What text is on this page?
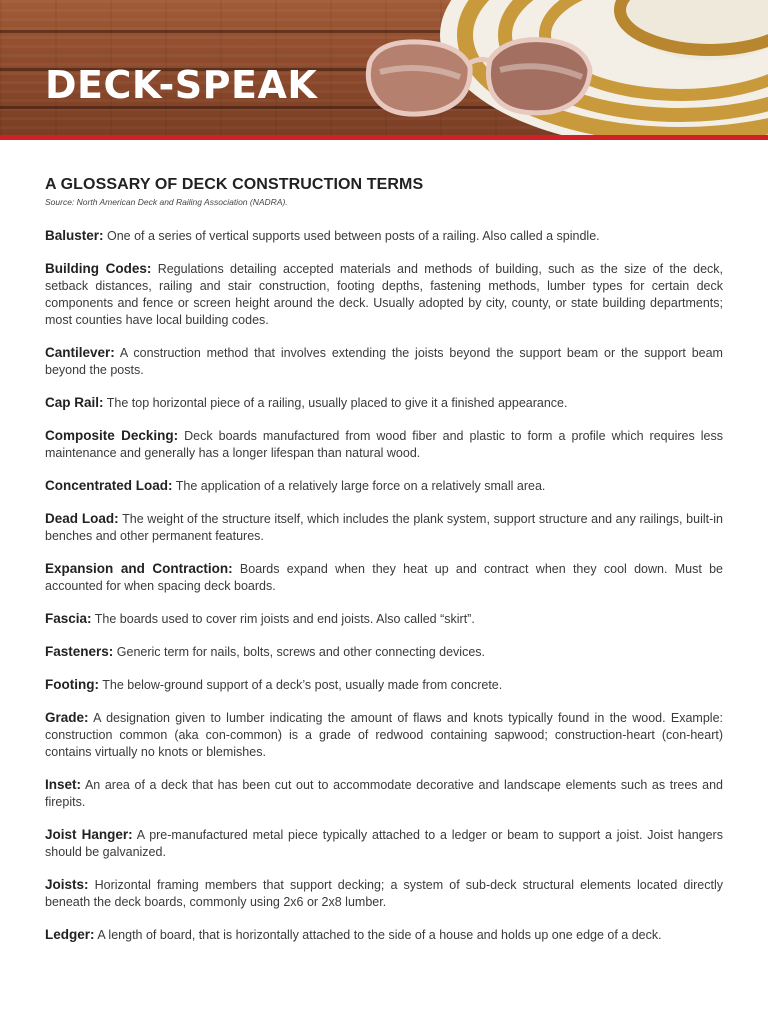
DECK-SPEAK
A GLOSSARY OF DECK CONSTRUCTION TERMS

Source: North American Deck and Railing Association (NADRA).

Baluster: One of a series of vertical supports used between posts of a railing. Also called a spindle.

Building Codes: Regulations detailing accepted materials and methods of building, such as the size of the deck, setback distances, railing and stair construction, footing depths, fastening methods, lumber types for certain deck components and fence or screen height around the deck. Usually adopted by city, county, or state building departments; most counties have local building codes.

Cantilever: A construction method that involves extending the joists beyond the support beam or the support beam beyond the posts.

Cap Rail: The top horizontal piece of a railing, usually placed to give it a finished appearance.

Composite Decking: Deck boards manufactured from wood fiber and plastic to form a profile which requires less maintenance and generally has a longer lifespan than natural wood.

Concentrated Load: The application of a relatively large force on a relatively small area.

Dead Load: The weight of the structure itself, which includes the plank system, support structure and any railings, built-in benches and other permanent features.

Expansion and Contraction: Boards expand when they heat up and contract when they cool down. Must be accounted for when spacing deck boards.

Fascia: The boards used to cover rim joists and end joists. Also called “skirt”.

Fasteners: Generic term for nails, bolts, screws and other connecting devices.

Footing: The below-ground support of a deck’s post, usually made from concrete.

Grade: A designation given to lumber indicating the amount of flaws and knots typically found in the wood. Example: construction common (aka con-common) is a grade of redwood containing sapwood; construction-heart (con-heart) contains virtually no knots or blemishes.

Inset: An area of a deck that has been cut out to accommodate decorative and landscape elements such as trees and firepits.

Joist Hanger: A pre-manufactured metal piece typically attached to a ledger or beam to support a joist. Joist hangers should be galvanized.

Joists: Horizontal framing members that support decking; a system of sub-deck structural elements located directly beneath the deck boards, commonly using 2x6 or 2x8 lumber.

Ledger: A length of board, that is horizontally attached to the side of a house and holds up one edge of a deck.
